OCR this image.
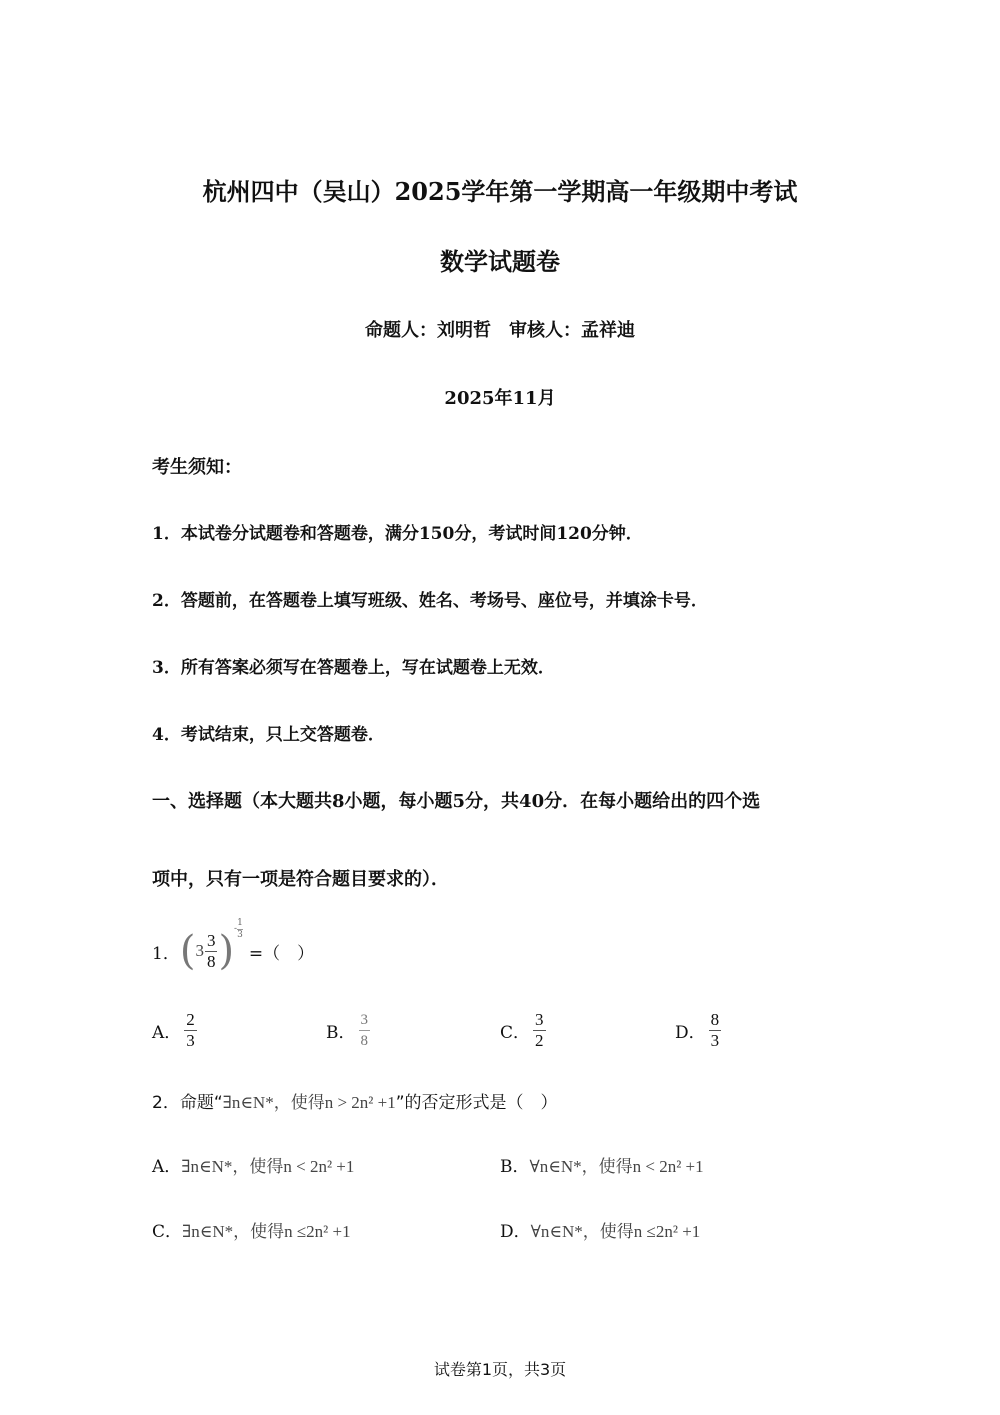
杭州四中（吴山）2025学年第一学期高一年级期中考试
数学试题卷
命题人：刘明哲　审核人：孟祥迪
2025年11月
考生须知：
1．本试卷分试题卷和答题卷，满分150分，考试时间120分钟．
2．答题前，在答题卷上填写班级、姓名、考场号、座位号，并填涂卡号．
3．所有答案必须写在答题卷上，写在试题卷上无效．
4．考试结束，只上交答题卷．
一、选择题（本大题共8小题，每小题5分，共40分．在每小题给出的四个选
项中，只有一项是符合题目要求的）．
1． ( $3 \frac{3}{8}$ ) - $\frac{1}{3}$
=（　）
A． $\frac{2}{3}$	B． $\frac{3}{8}$	C． $\frac{3}{2}$	D． $\frac{8}{3}$
2．命题“∃n∈N*，使得n > 2n² +1”的否定形式是（　）
A．∃n∈N*，使得n < 2n² +1	B．∀n∈N*，使得n < 2n² +1
C．∃n∈N*，使得n ≤2n² +1	D．∀n∈N*，使得n ≤2n² +1
试卷第1页，共3页
